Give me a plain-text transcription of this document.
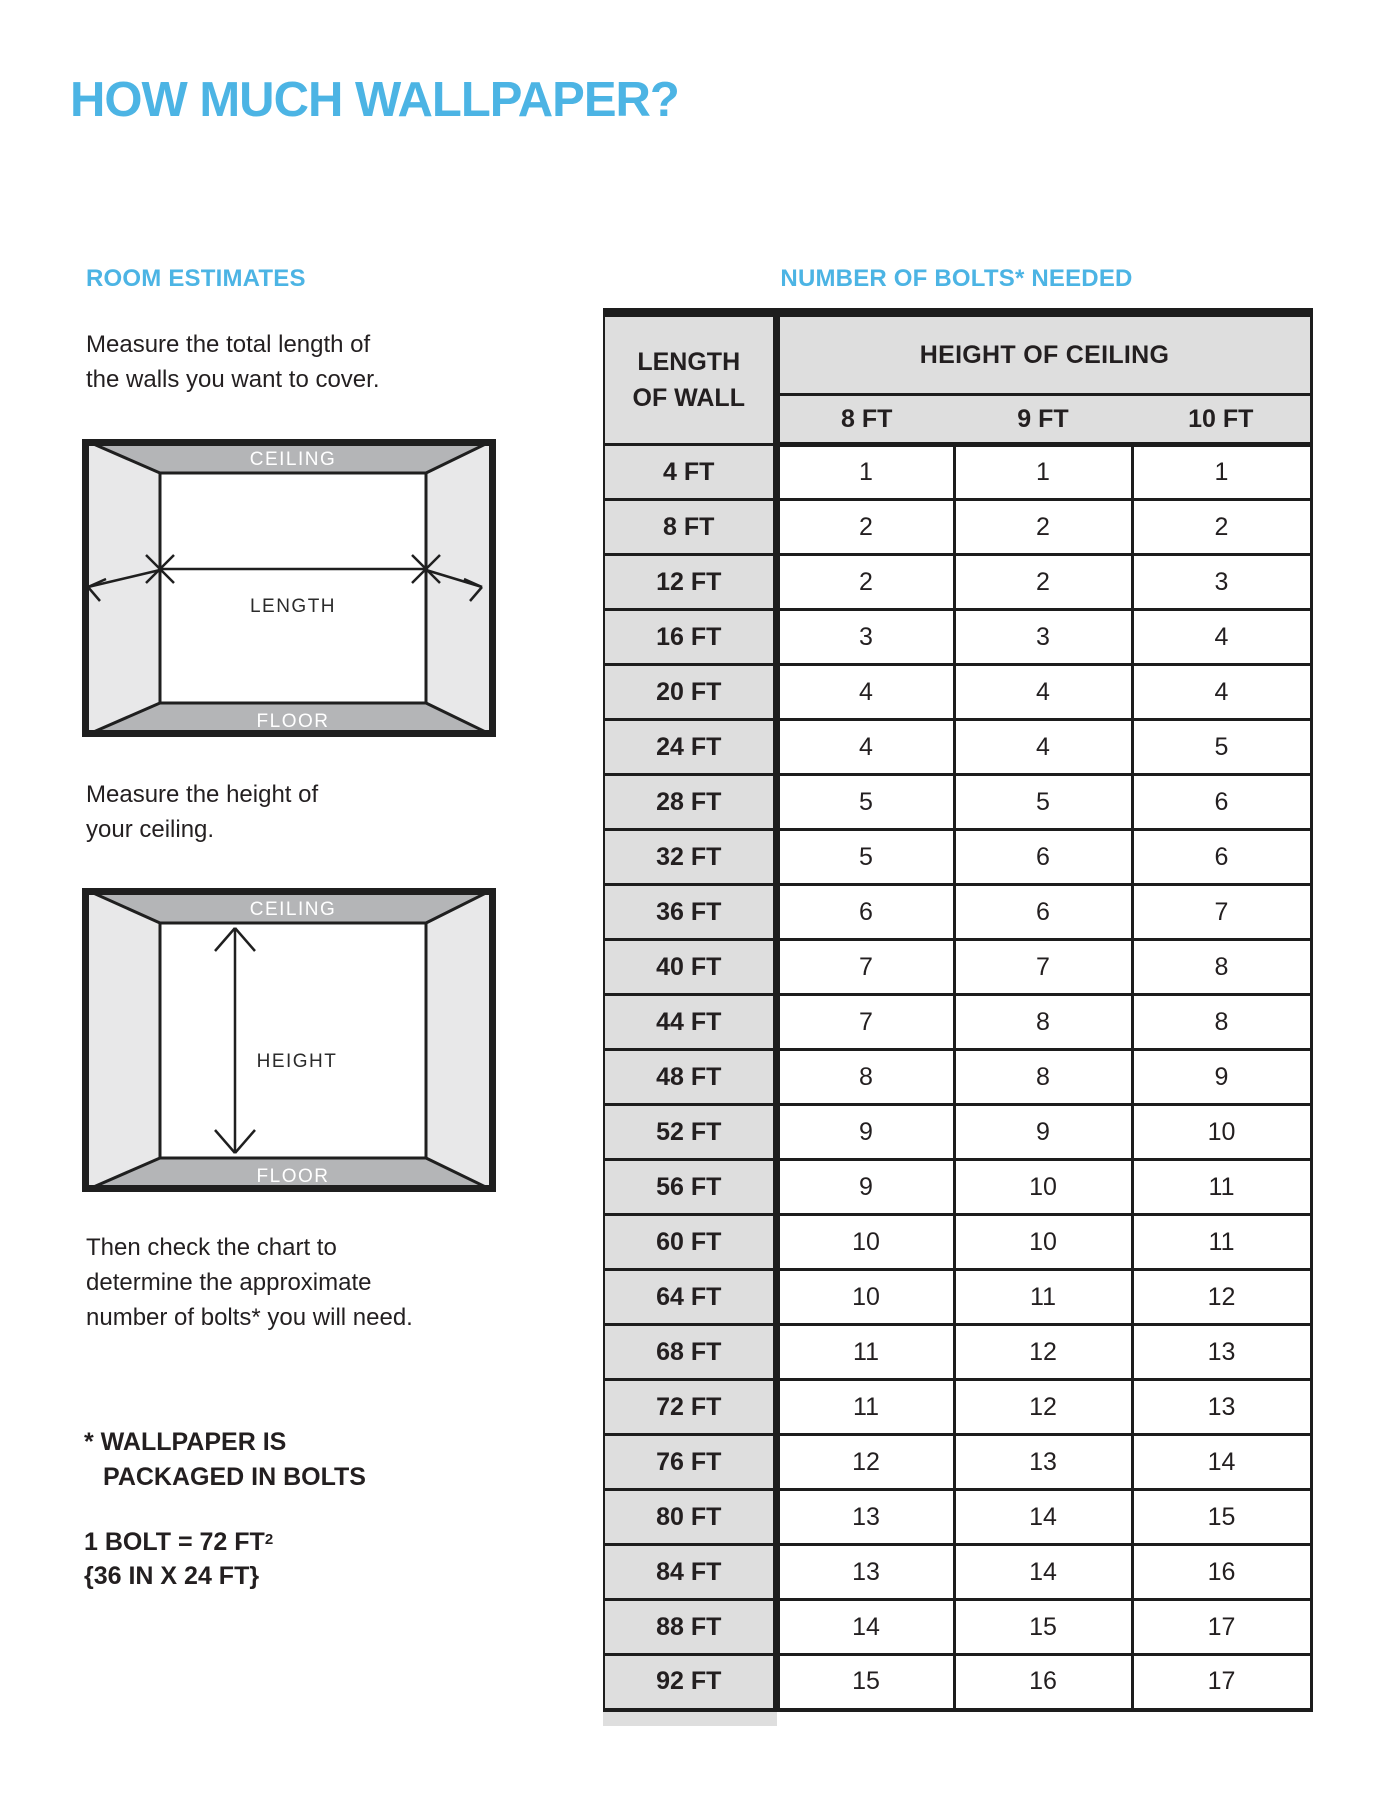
HOW MUCH WALLPAPER?
ROOM ESTIMATES
Measure the total length of
the walls you want to cover.
CEILING
FLOOR
LENGTH
Measure the height of
your ceiling.
CEILING
FLOOR
HEIGHT
Then check the chart to
determine the approximate
number of bolts* you will need.
* WALLPAPER IS
PACKAGED IN BOLTS
1 BOLT = 72 $FT^2$
{36 IN X 24 FT}
NUMBER OF BOLTS* NEEDED
LENGTH
OF WALL	HEIGHT OF CEILING		
	8 FT	9 FT	10 FT
4 FT	1	1	1
8 FT	2	2	2
12 FT	2	2	3
16 FT	3	3	4
20 FT	4	4	4
24 FT	4	4	5
28 FT	5	5	6
32 FT	5	6	6
36 FT	6	6	7
40 FT	7	7	8
44 FT	7	8	8
48 FT	8	8	9
52 FT	9	9	10
56 FT	9	10	11
60 FT	10	10	11
64 FT	10	11	12
68 FT	11	12	13
72 FT	11	12	13
76 FT	12	13	14
80 FT	13	14	15
84 FT	13	14	16
88 FT	14	15	17
92 FT	15	16	17
